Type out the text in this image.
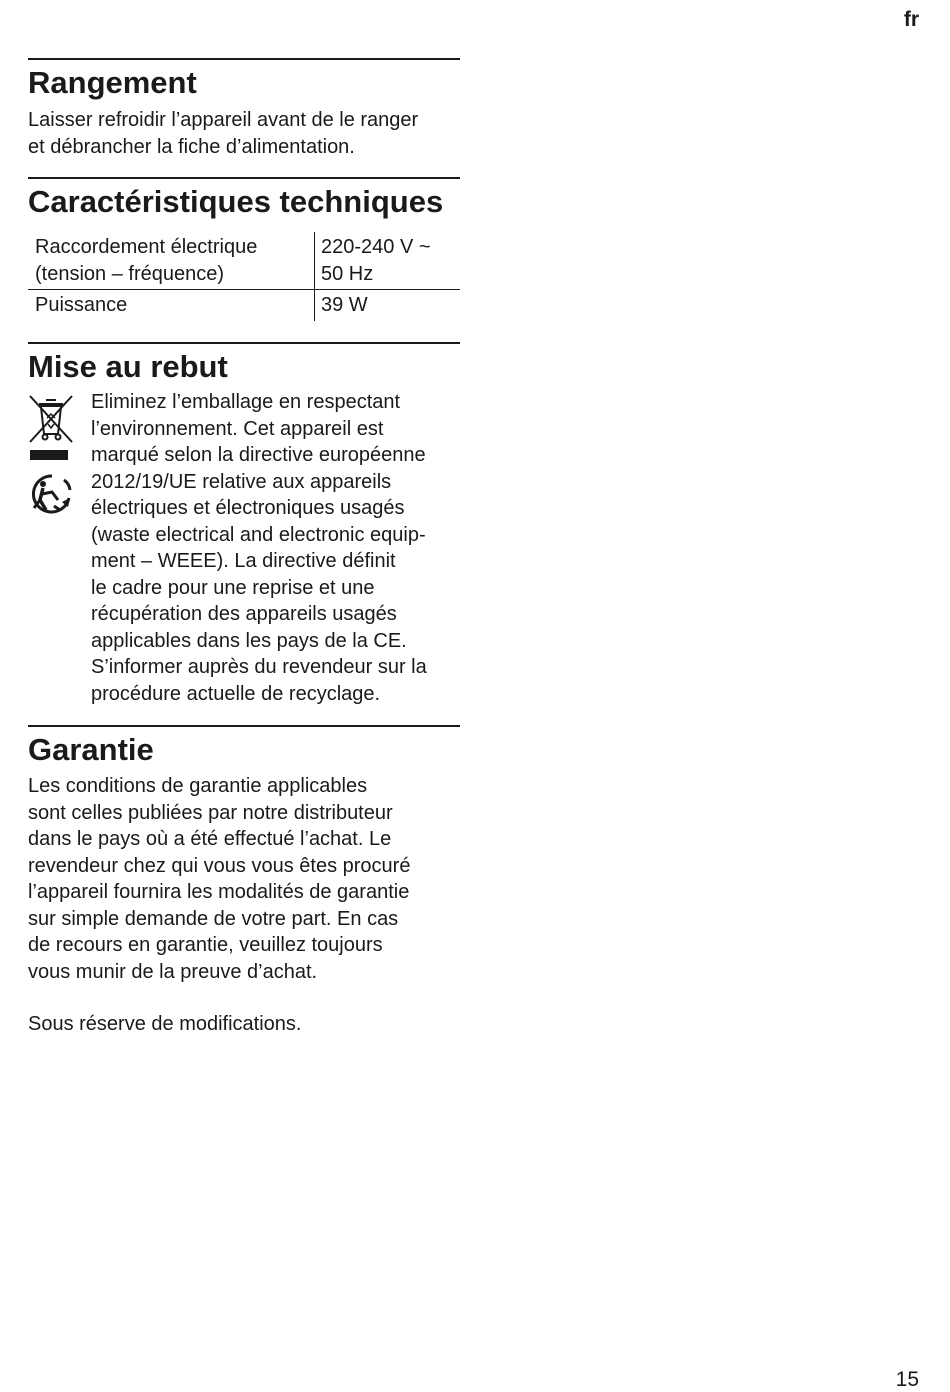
fr
Rangement
Laisser refroidir l’appareil avant de le ranger
et débrancher la fiche d’alimentation.
Caractéristiques techniques
Raccordement électrique
(tension – fréquence)	220-240 V ~
50 Hz

Puissance	39 W
Mise au rebut
Eliminez l’emballage en respectant
l’environnement. Cet appareil est
marqué selon la directive européenne
2012/19/UE relative aux appareils
électriques et électroniques usagés
(waste electrical and electronic equip-
ment – WEEE). La directive définit
le cadre pour une reprise et une
récupération des appareils usagés
applicables dans les pays de la CE.
S’informer auprès du revendeur sur la
procédure actuelle de recyclage.
Garantie
Les conditions de garantie applicables
sont celles publiées par notre distributeur
dans le pays où a été effectué l’achat. Le
revendeur chez qui vous vous êtes procuré
l’appareil fournira les modalités de garantie
sur simple demande de votre part. En cas
de recours en garantie, veuillez toujours
vous munir de la preuve d’achat.
Sous réserve de modifications.
15
